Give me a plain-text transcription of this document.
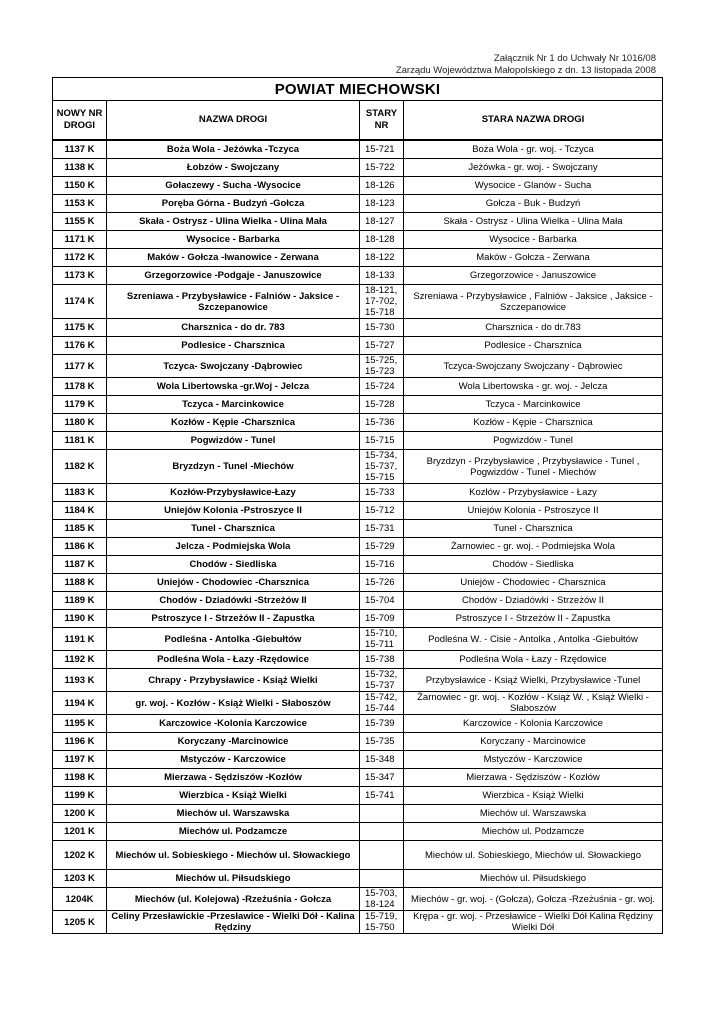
Załącznik Nr 1 do Uchwały Nr 1016/08
Zarządu Województwa Małopolskiego z dn. 13 listopada 2008
POWIAT MIECHOWSKI			
NOWY NR DROGI	NAZWA DROGI	STARY NR	STARA NAZWA DROGI
1137 K	Boża Wola - Jeżówka -Tczyca	15-721	Boża Wola - gr. woj. - Tczyca
1138 K	Łobzów - Swojczany	15-722	Jeżówka - gr. woj. - Swojczany
1150 K	Gołaczewy - Sucha -Wysocice	18-126	Wysocice - Glanów - Sucha
1153 K	Poręba Górna - Budzyń -Gołcza	18-123	Gołcza - Buk - Budzyń
1155 K	Skała - Ostrysz - Ulina Wielka - Ulina Mała	18-127	Skała - Ostrysz - Ulina Wielka - Ulina Mała
1171 K	Wysocice - Barbarka	18-128	Wysocice - Barbarka
1172 K	Maków - Gołcza -Iwanowice - Zerwana	18-122	Maków - Gołcza - Zerwana
1173 K	Grzegorzowice -Podgaje - Januszowice	18-133	Grzegorzowice - Januszowice
1174 K	Szreniawa - Przybysławice - Falniów - Jaksice - Szczepanowice	18-121, 17-702, 15-718	Szreniawa - Przybysławice , Falniów - Jaksice , Jaksice - Szczepanowice
1175 K	Charsznica - do dr. 783	15-730	Charsznica - do dr.783
1176 K	Podlesice - Charsznica	15-727	Podlesice - Charsznica
1177 K	Tczyca- Swojczany -Dąbrowiec	15-725, 15-723	Tczyca-Swojczany Swojczany - Dąbrowiec
1178 K	Wola Libertowska -gr.Woj - Jelcza	15-724	Wola Libertowska - gr. woj. - Jelcza
1179 K	Tczyca - Marcinkowice	15-728	Tczyca - Marcinkowice
1180 K	Kozłów - Kępie -Charsznica	15-736	Kozłów - Kępie - Charsznica
1181 K	Pogwizdów - Tunel	15-715	Pogwizdów - Tunel
1182 K	Bryzdzyn - Tunel -Miechów	15-734, 15-737, 15-715	Bryzdzyn - Przybysławice , Przybysławice - Tunel , Pogwizdów - Tunel - Miechów
1183 K	Kozłów-Przybysławice-Łazy	15-733	Kozłów - Przybysławice - Łazy
1184 K	Uniejów Kolonia -Pstroszyce II	15-712	Uniejów Kolonia - Pstroszyce II
1185 K	Tunel - Charsznica	15-731	Tunel - Charsznica
1186 K	Jelcza - Podmiejska Wola	15-729	Żarnowiec - gr. woj. - Podmiejska Wola
1187 K	Chodów - Siedliska	15-716	Chodów - Siedliska
1188 K	Uniejów - Chodowiec -Charsznica	15-726	Uniejów - Chodowiec - Charsznica
1189 K	Chodów - Dziadówki -Strzeżów II	15-704	Chodów - Dziadówki - Strzeżów II
1190 K	Pstroszyce I - Strzeżów II - Zapustka	15-709	Pstroszyce I - Strzeżów II - Zapustka
1191 K	Podleśna - Antolka -Giebułtów	15-710, 15-711	Podleśna W. - Cisie - Antolka , Antolka -Giebułtów
1192 K	Podleśna Wola - Łazy -Rzędowice	15-738	Podleśna Wola - Łazy - Rzędowice
1193 K	Chrapy - Przybysławice - Książ Wielki	15-732, 15-737	Przybysławice - Książ Wielki, Przybysławice -Tunel
1194 K	gr. woj. - Kozłów - Książ Wielki - Słaboszów	15-742, 15-744	Żarnowiec - gr. woj. - Kozłów - Książ W. , Książ Wielki - Słaboszów
1195 K	Karczowice -Kolonia Karczowice	15-739	Karczowice - Kolonia Karczowice
1196 K	Koryczany -Marcinowice	15-735	Koryczany - Marcinowice
1197 K	Mstyczów - Karczowice	15-348	Mstyczów - Karczowice
1198 K	Mierzawa - Sędziszów -Kozłów	15-347	Mierzawa - Sędziszów - Kozłów
1199 K	Wierzbica - Książ Wielki	15-741	Wierzbica - Książ Wielki
1200 K	Miechów ul. Warszawska		Miechów ul. Warszawska
1201 K	Miechów ul. Podzamcze		Miechów ul. Podzamcze
1202 K	Miechów ul. Sobieskiego - Miechów ul. Słowackiego		Miechów ul. Sobieskiego, Miechów ul. Słowackiego
1203 K	Miechów ul. Piłsudskiego		Miechów ul. Piłsudskiego
1204K	Miechów (ul. Kolejowa) -Rzeżuśnia - Gołcza	15-703, 18-124	Miechów - gr. woj. - (Gołcza), Gołcza -Rzeżuśnia - gr. woj.
1205 K	Celiny Przesławickie -Przesławice - Wielki Dół - Kalina Rędziny	15-719, 15-750	Krępa - gr. woj. - Przesławice - Wielki Dół Kalina Rędziny Wielki Dół
